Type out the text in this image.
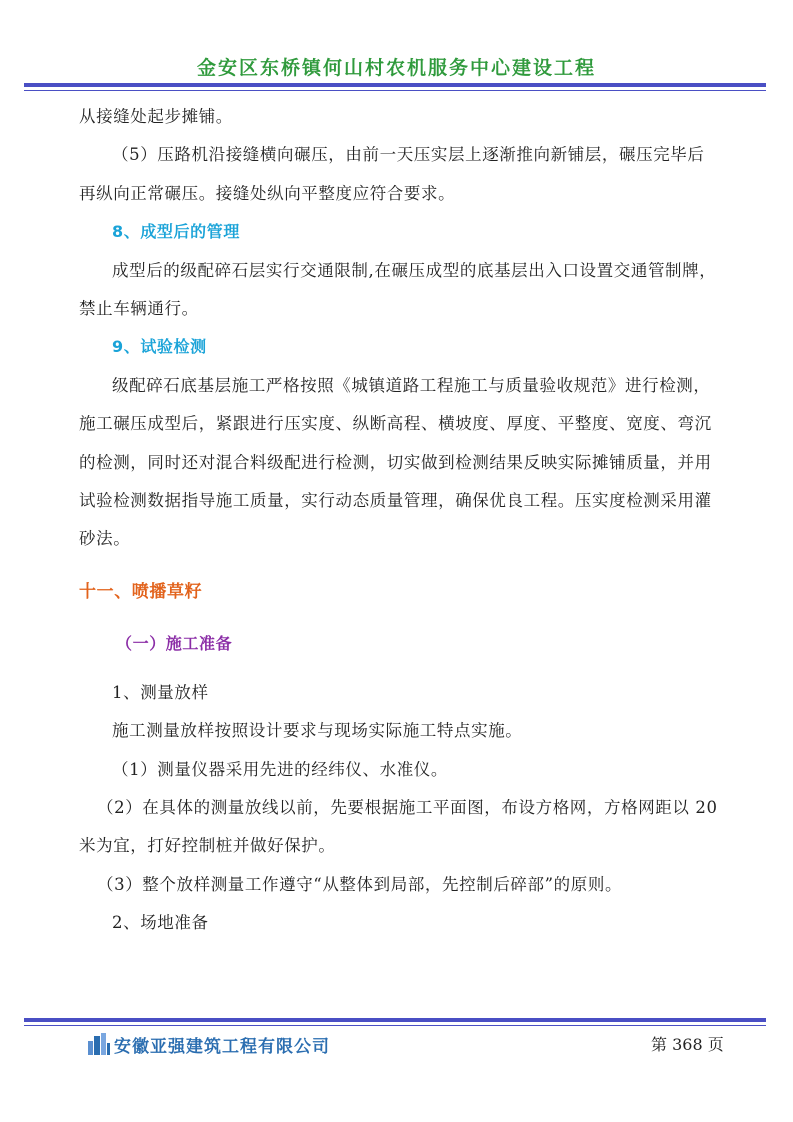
金安区东桥镇何山村农机服务中心建设工程

从接缝处起步摊铺。

（5）压路机沿接缝横向碾压，由前一天压实层上逐渐推向新铺层，碾压完毕后再纵向正常碾压。接缝处纵向平整度应符合要求。

8、成型后的管理

成型后的级配碎石层实行交通限制,在碾压成型的底基层出入口设置交通管制牌，禁止车辆通行。

9、试验检测

级配碎石底基层施工严格按照《城镇道路工程施工与质量验收规范》进行检测，施工碾压成型后，紧跟进行压实度、纵断高程、横坡度、厚度、平整度、宽度、弯沉的检测，同时还对混合料级配进行检测，切实做到检测结果反映实际摊铺质量，并用试验检测数据指导施工质量，实行动态质量管理，确保优良工程。压实度检测采用灌砂法。

十一、喷播草籽

（一）施工准备

1、测量放样

施工测量放样按照设计要求与现场实际施工特点实施。

（1）测量仪器采用先进的经纬仪、水准仪。

（2）在具体的测量放线以前，先要根据施工平面图，布设方格网，方格网距以 20 米为宜，打好控制桩并做好保护。

（3）整个放样测量工作遵守“从整体到局部，先控制后碎部”的原则。

2、场地准备

安徽亚强建筑工程有限公司	第 368 页
